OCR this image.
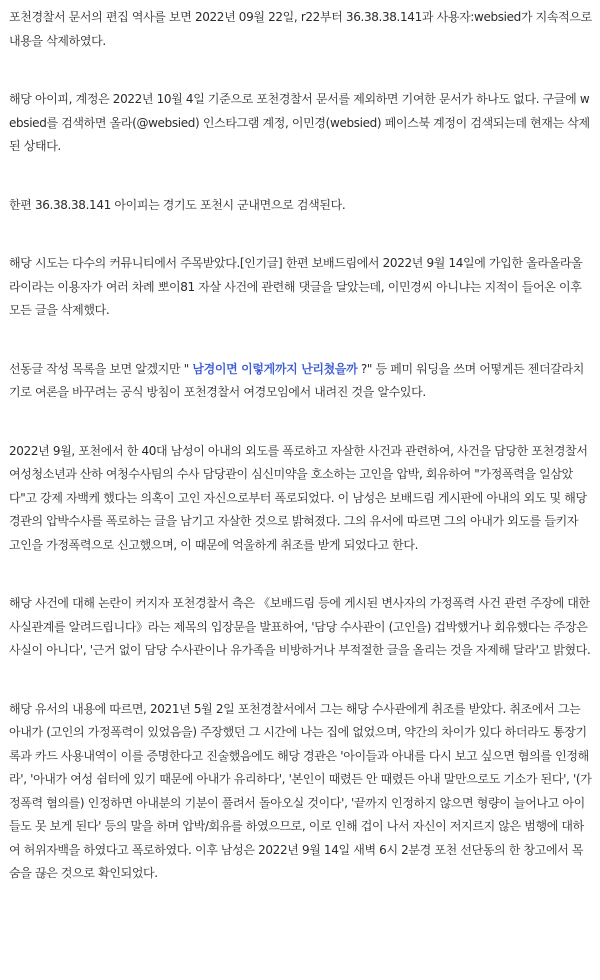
포천경찰서 문서의 편집 역사를 보면 2022년 09월 22일, r22부터 36.38.38.141과 사용자:websied가 지속적으로 내용을 삭제하였다.

해당 아이피, 계정은 2022년 10월 4일 기준으로 포천경찰서 문서를 제외하면 기여한 문서가 하나도 없다. 구글에 websied를 검색하면 올라(@websied) 인스타그램 계정, 이민경(websied) 페이스북 계정이 검색되는데 현재는 삭제된 상태다.

한편 36.38.38.141 아이피는 경기도 포천시 군내면으로 검색된다.

해당 시도는 다수의 커뮤니티에서 주목받았다.[인기글] 한편 보배드림에서 2022년 9월 14일에 가입한 올라올라올라이라는 이용자가 여러 차례 뽀이81 자살 사건에 관련해 댓글을 달았는데, 이민경씨 아니냐는 지적이 들어온 이후 모든 글을 삭제했다.

선동글 작성 목록을 보면 알겠지만 " 남경이면 이렇게까지 난리쳤을까 ?" 등 페미 워딩을 쓰며 어떻게든 젠더갈라치기로 여론을 바꾸려는 공식 방침이 포천경찰서 여경모임에서 내려진 것을 알수있다.

2022년 9월, 포천에서 한 40대 남성이 아내의 외도를 폭로하고 자살한 사건과 관련하여, 사건을 담당한 포천경찰서 여성청소년과 산하 여청수사팀의 수사 담당관이 심신미약을 호소하는 고인을 압박, 회유하여 "가정폭력을 일삼았다"고 강제 자백케 했다는 의혹이 고인 자신으로부터 폭로되었다. 이 남성은 보배드림 게시판에 아내의 외도 및 해당 경관의 압박수사를 폭로하는 글을 남기고 자살한 것으로 밝혀졌다. 그의 유서에 따르면 그의 아내가 외도를 들키자 고인을 가정폭력으로 신고했으며, 이 때문에 억울하게 취조를 받게 되었다고 한다.

해당 사건에 대해 논란이 커지자 포천경찰서 측은 《보배드림 등에 게시된 변사자의 가정폭력 사건 관련 주장에 대한 사실관계를 알려드립니다》라는 제목의 입장문을 발표하여, '담당 수사관이 (고인을) 겁박했거나 회유했다는 주장은 사실이 아니다', '근거 없이 담당 수사관이나 유가족을 비방하거나 부적절한 글을 올리는 것을 자제해 달라'고 밝혔다.

해당 유서의 내용에 따르면, 2021년 5월 2일 포천경찰서에서 그는 해당 수사관에게 취조를 받았다. 취조에서 그는 아내가 (고인의 가정폭력이 있었음을) 주장했던 그 시간에 나는 집에 없었으며, 약간의 차이가 있다 하더라도 통장기록과 카드 사용내역이 이를 증명한다고 진술했음에도 해당 경관은 '아이들과 아내를 다시 보고 싶으면 혐의를 인정해라', '아내가 여성 쉼터에 있기 때문에 아내가 유리하다', '본인이 때렸든 안 때렸든 아내 말만으로도 기소가 된다', '(가정폭력 혐의를) 인정하면 아내분의 기분이 풀려서 돌아오실 것이다', '끝까지 인정하지 않으면 형량이 늘어나고 아이들도 못 보게 된다' 등의 말을 하며 압박/회유를 하였으므로, 이로 인해 겁이 나서 자신이 저지르지 않은 범행에 대하여 허위자백을 하였다고 폭로하였다. 이후 남성은 2022년 9월 14일 새벽 6시 2분경 포천 선단동의 한 창고에서 목숨을 끊은 것으로 확인되었다.
